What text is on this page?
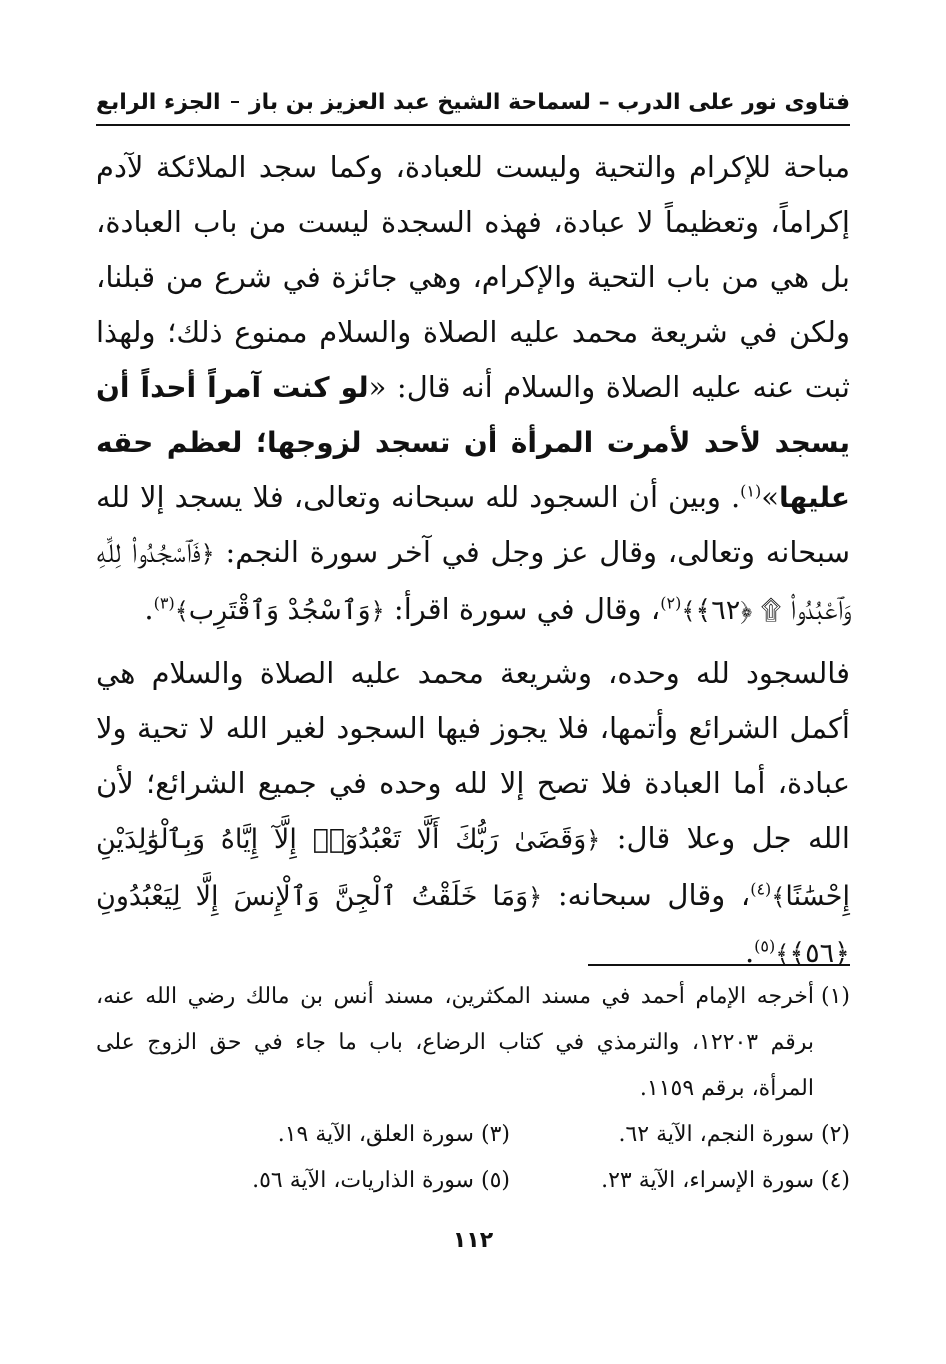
فتاوى نور على الدرب – لسماحة الشيخ عبد العزيز بن باز
الجزء الرابع
مباحة للإكرام والتحية وليست للعبادة، وكما سجد الملائكة لآدم إكراماً، وتعظيماً لا عبادة، فهذه السجدة ليست من باب العبادة، بل هي من باب التحية والإكرام، وهي جائزة في شرع من قبلنا، ولكن في شريعة محمد عليه الصلاة والسلام ممنوع ذلك؛ ولهذا ثبت عنه عليه الصلاة والسلام أنه قال: «لو كنت آمراً أحداً أن يسجد لأحد لأمرت المرأة أن تسجد لزوجها؛ لعظم حقه عليها»$^{(١)}$. وبين أن السجود لله سبحانه وتعالى، فلا يسجد إلا لله سبحانه وتعالى، وقال عز وجل في آخر سورة النجم: ﴿فَٱسْجُدُوا۟ لِلَّهِ وَٱعْبُدُوا۟ ۩ ﴿٦٢﴾﴾$^{(٢)}$، وقال في سورة اقرأ: ﴿وَٱسْجُدْ وَٱقْتَرِب﴾$^{(٣)}$.
فالسجود لله وحده، وشريعة محمد عليه الصلاة والسلام هي أكمل الشرائع وأتمها، فلا يجوز فيها السجود لغير الله لا تحية ولا عبادة، أما العبادة فلا تصح إلا لله وحده في جميع الشرائع؛ لأن الله جل وعلا قال: ﴿وَقَضَىٰ رَبُّكَ أَلَّا تَعْبُدُوٓا۟ إِلَّآ إِيَّاهُ وَبِٱلْوَٰلِدَيْنِ إِحْسَٰنًا﴾$^{(٤)}$، وقال سبحانه: ﴿وَمَا خَلَقْتُ ٱلْجِنَّ وَٱلْإِنسَ إِلَّا لِيَعْبُدُونِ ﴿٥٦﴾﴾$^{(٥)}$.
(١)
أخرجه الإمام أحمد في مسند المكثرين، مسند أنس بن مالك رضي الله عنه، برقم ١٢٢٠٣، والترمذي في كتاب الرضاع، باب ما جاء في حق الزوج على المرأة، برقم ١١٥٩.
(٢)
سورة النجم، الآية ٦٢.
(٣)
سورة العلق، الآية ١٩.
(٤)
سورة الإسراء، الآية ٢٣.
(٥)
سورة الذاريات، الآية ٥٦.
١١٢
